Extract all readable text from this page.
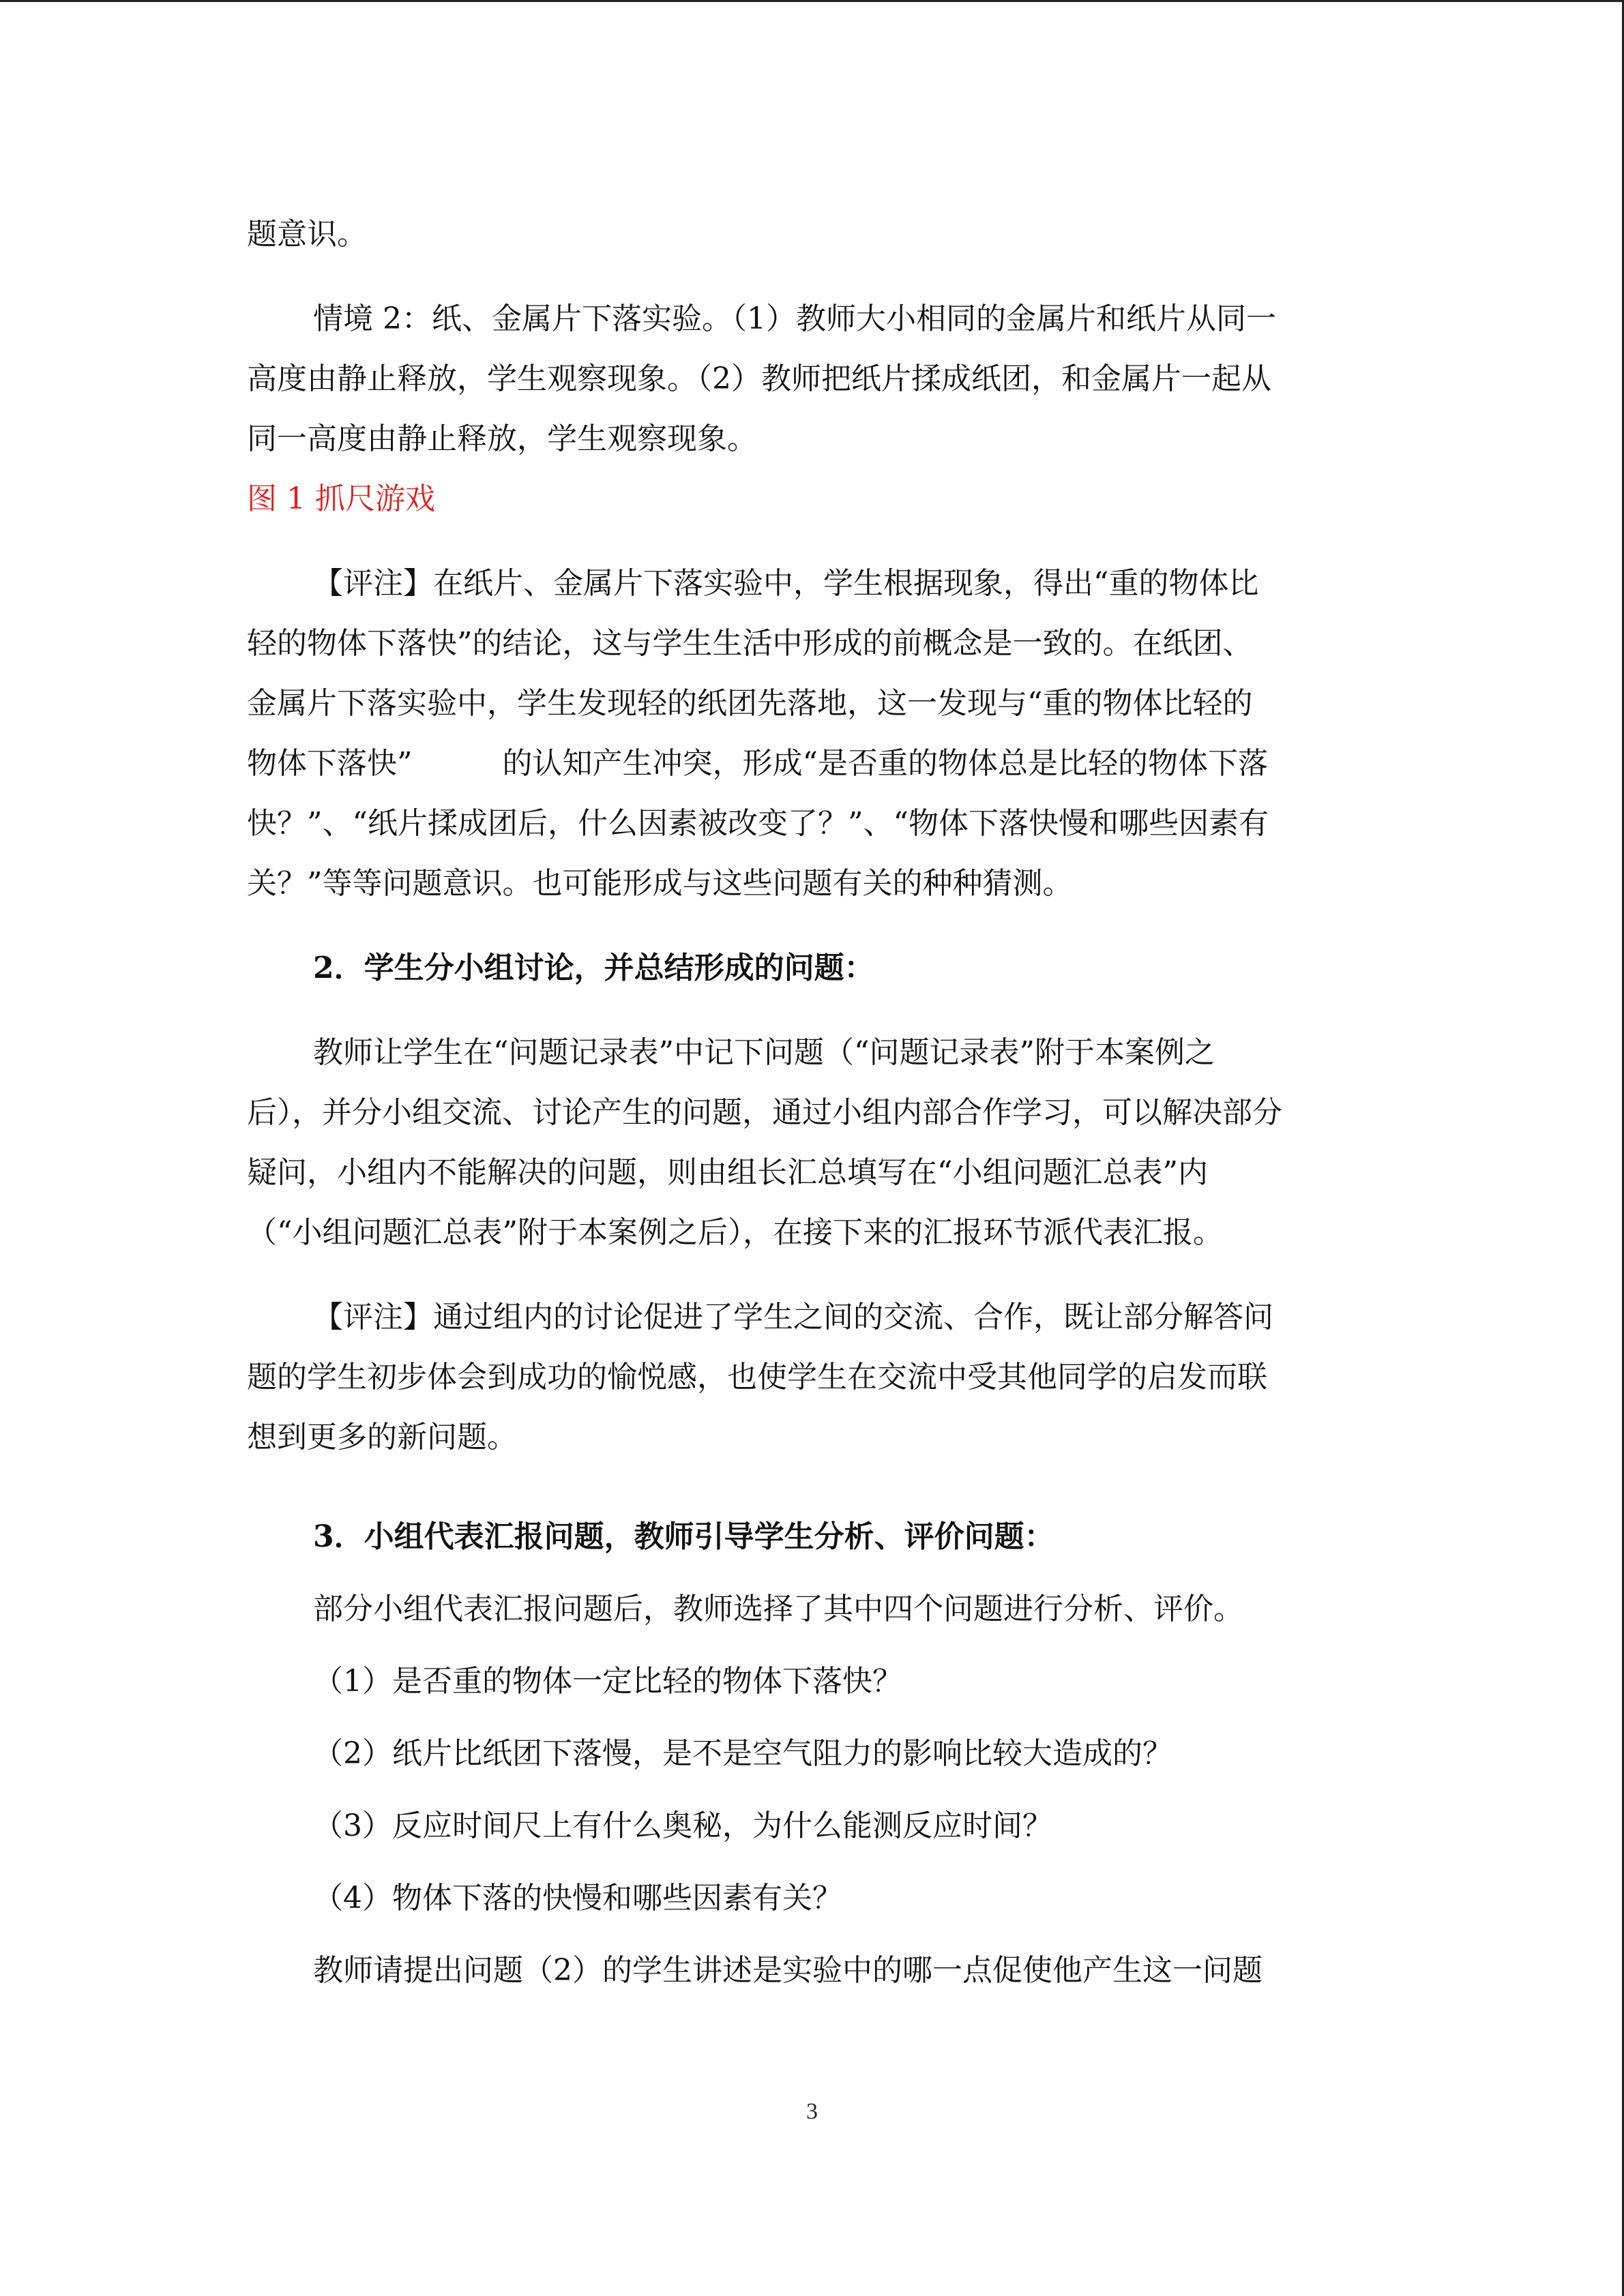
题意识。

情境 2：纸、金属片下落实验。（1）教师大小相同的金属片和纸片从同一

高度由静止释放，学生观察现象。（2）教师把纸片揉成纸团，和金属片一起从

同一高度由静止释放，学生观察现象。

图 1 抓尺游戏

【评注】在纸片、金属片下落实验中，学生根据现象，得出“重的物体比

轻的物体下落快”的结论，这与学生生活中形成的前概念是一致的。在纸团、

金属片下落实验中，学生发现轻的纸团先落地，这一发现与“重的物体比轻的

物体下落快”　　　的认知产生冲突，形成“是否重的物体总是比轻的物体下落

快？”、“纸片揉成团后，什么因素被改变了？”、“物体下落快慢和哪些因素有

关？”等等问题意识。也可能形成与这些问题有关的种种猜测。

2．学生分小组讨论，并总结形成的问题：

教师让学生在“问题记录表”中记下问题（“问题记录表”附于本案例之

后），并分小组交流、讨论产生的问题，通过小组内部合作学习，可以解决部分

疑问，小组内不能解决的问题，则由组长汇总填写在“小组问题汇总表”内

（“小组问题汇总表”附于本案例之后），在接下来的汇报环节派代表汇报。

【评注】通过组内的讨论促进了学生之间的交流、合作，既让部分解答问

题的学生初步体会到成功的愉悦感，也使学生在交流中受其他同学的启发而联

想到更多的新问题。

3．小组代表汇报问题，教师引导学生分析、评价问题：

部分小组代表汇报问题后，教师选择了其中四个问题进行分析、评价。

（1）是否重的物体一定比轻的物体下落快？

（2）纸片比纸团下落慢，是不是空气阻力的影响比较大造成的？

（3）反应时间尺上有什么奥秘，为什么能测反应时间？

（4）物体下落的快慢和哪些因素有关？

教师请提出问题（2）的学生讲述是实验中的哪一点促使他产生这一问题

3
